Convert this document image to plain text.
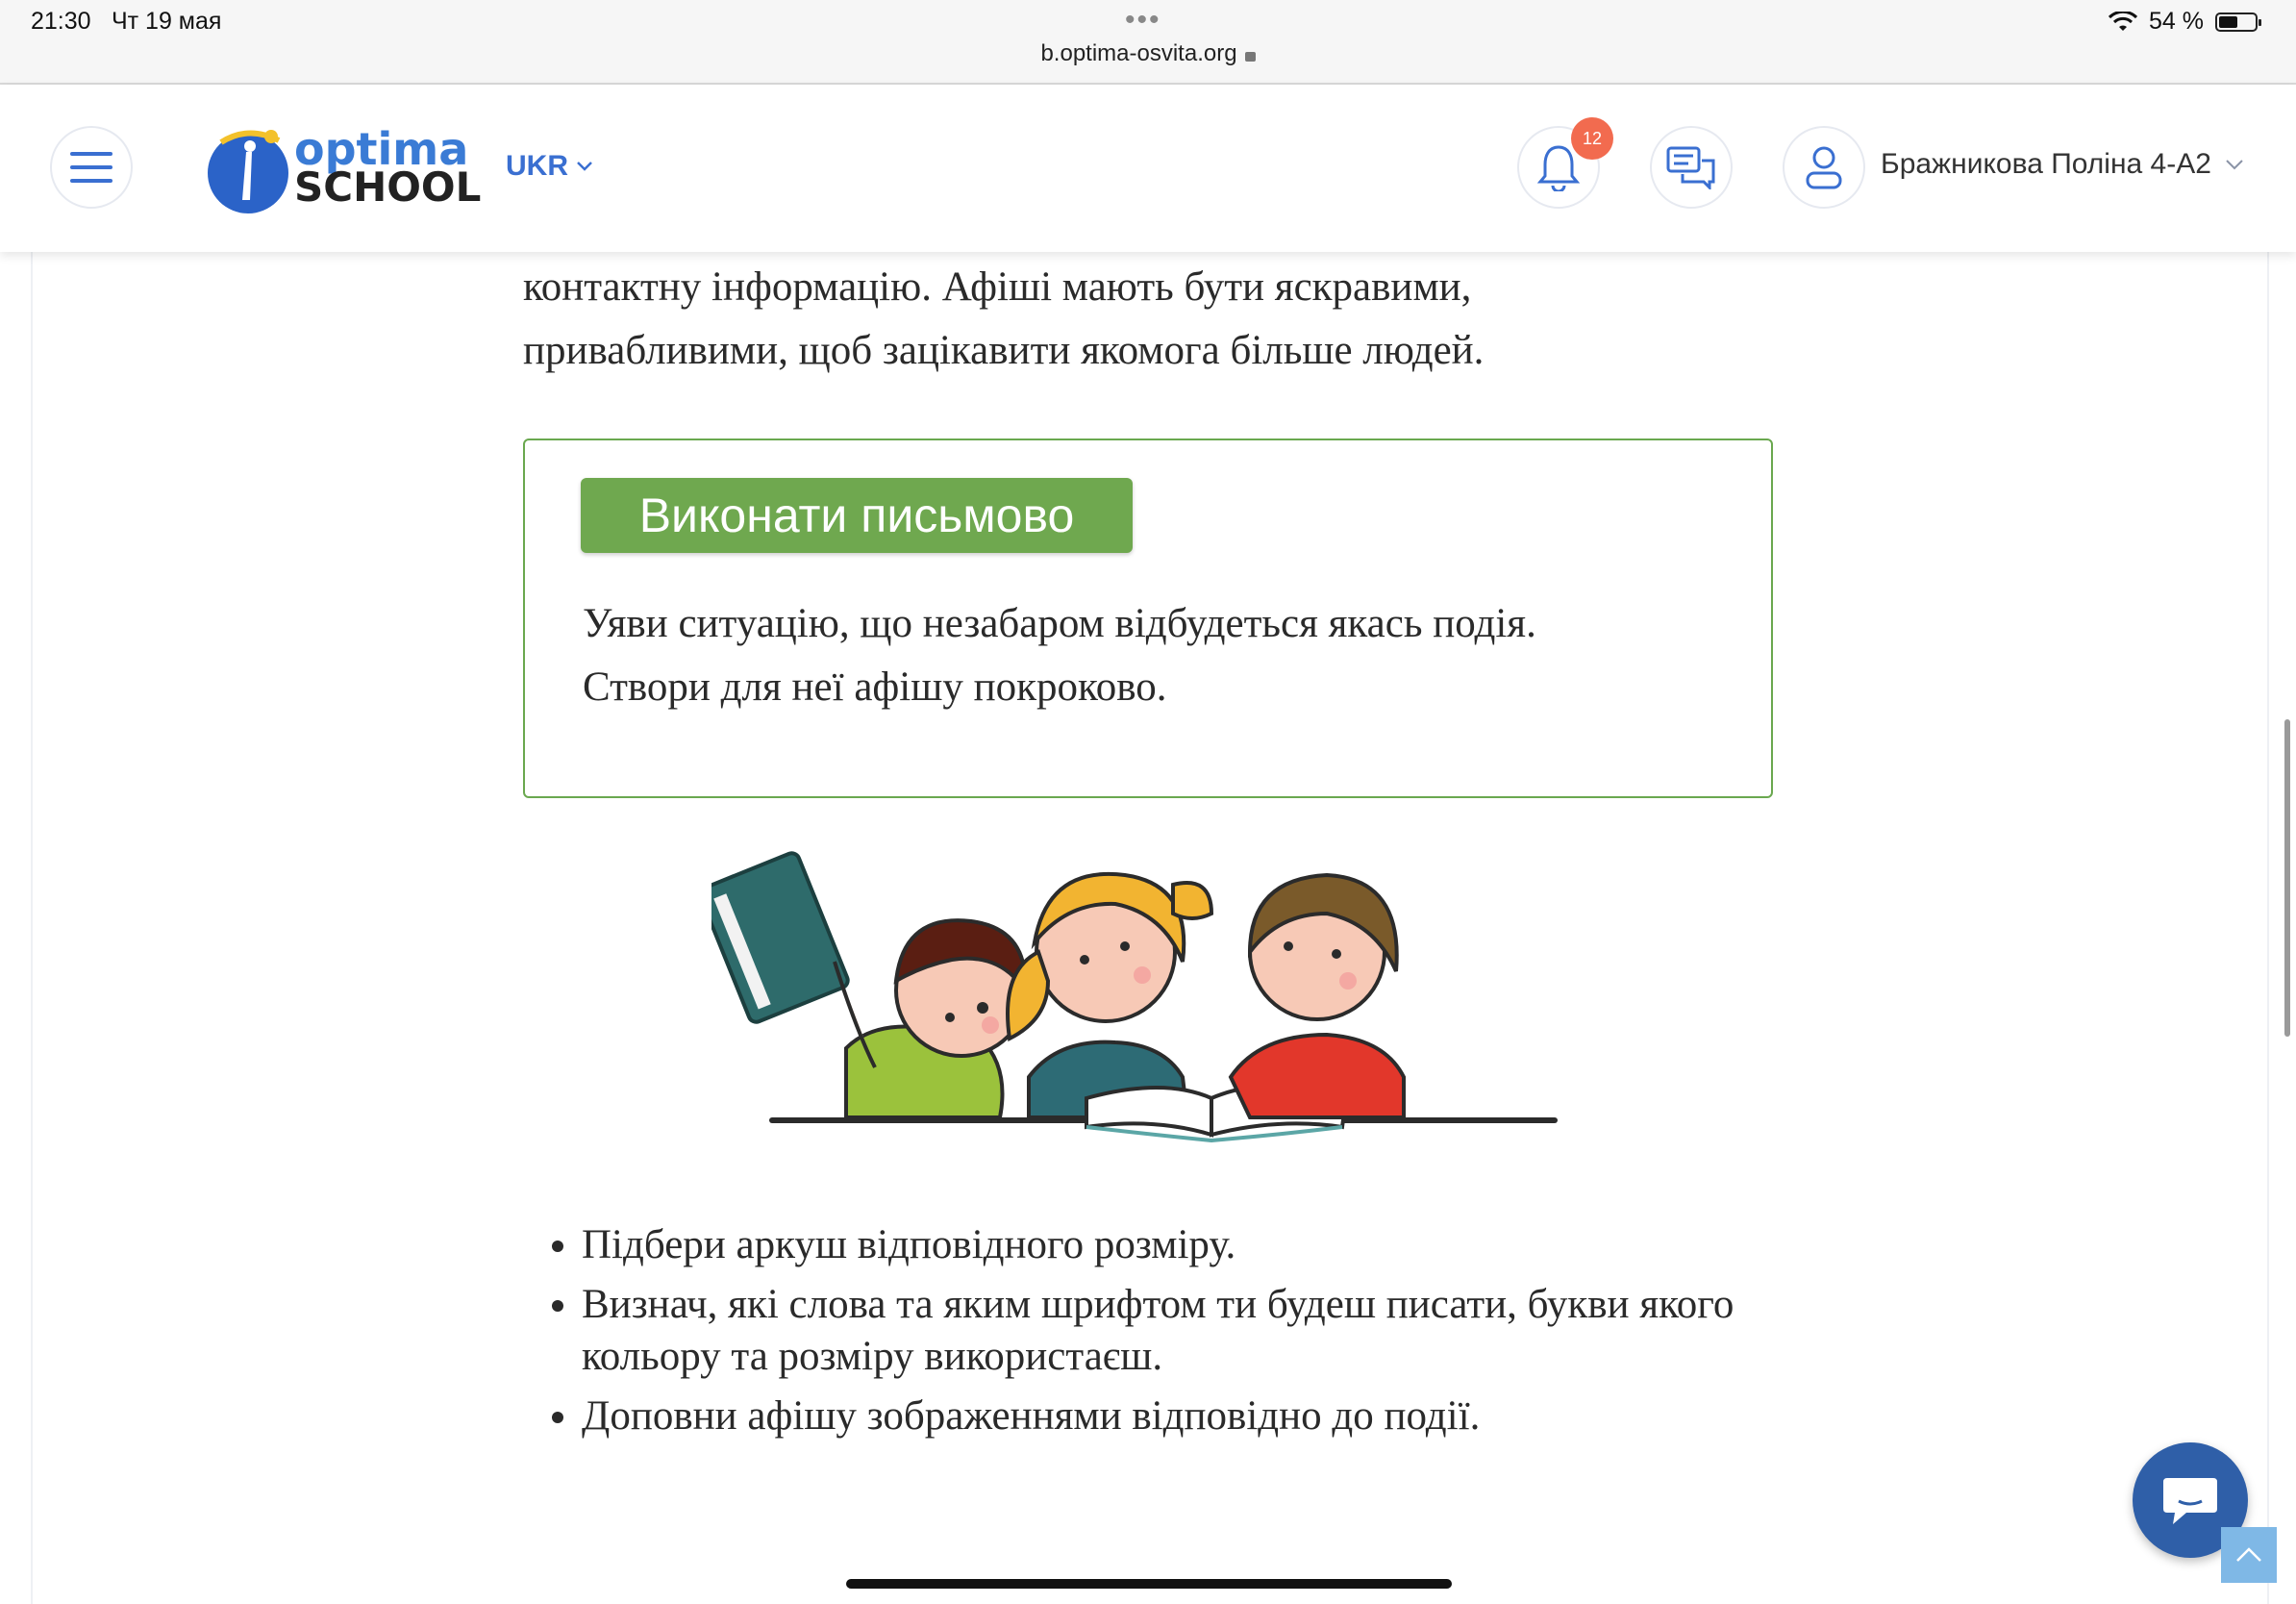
21:30 Чт 19 мая	•••
b.optima-osvita.org
54 %
optima
SCHOOL UKR
12
Бражникова Поліна 4-А2
контактну інформацію. Афіші мають бути яскравими,
привабливими, щоб зацікавити якомога більше людей.
Виконати письмово
Уяви ситуацію, що незабаром відбудеться якась подія.
Створи для неї афішу покроково.
• Підбери аркуш відповідного розміру.
• Визнач, які слова та яким шрифтом ти будеш писати, букви якого кольору та розміру використаєш.
• Доповни афішу зображеннями відповідно до події.
